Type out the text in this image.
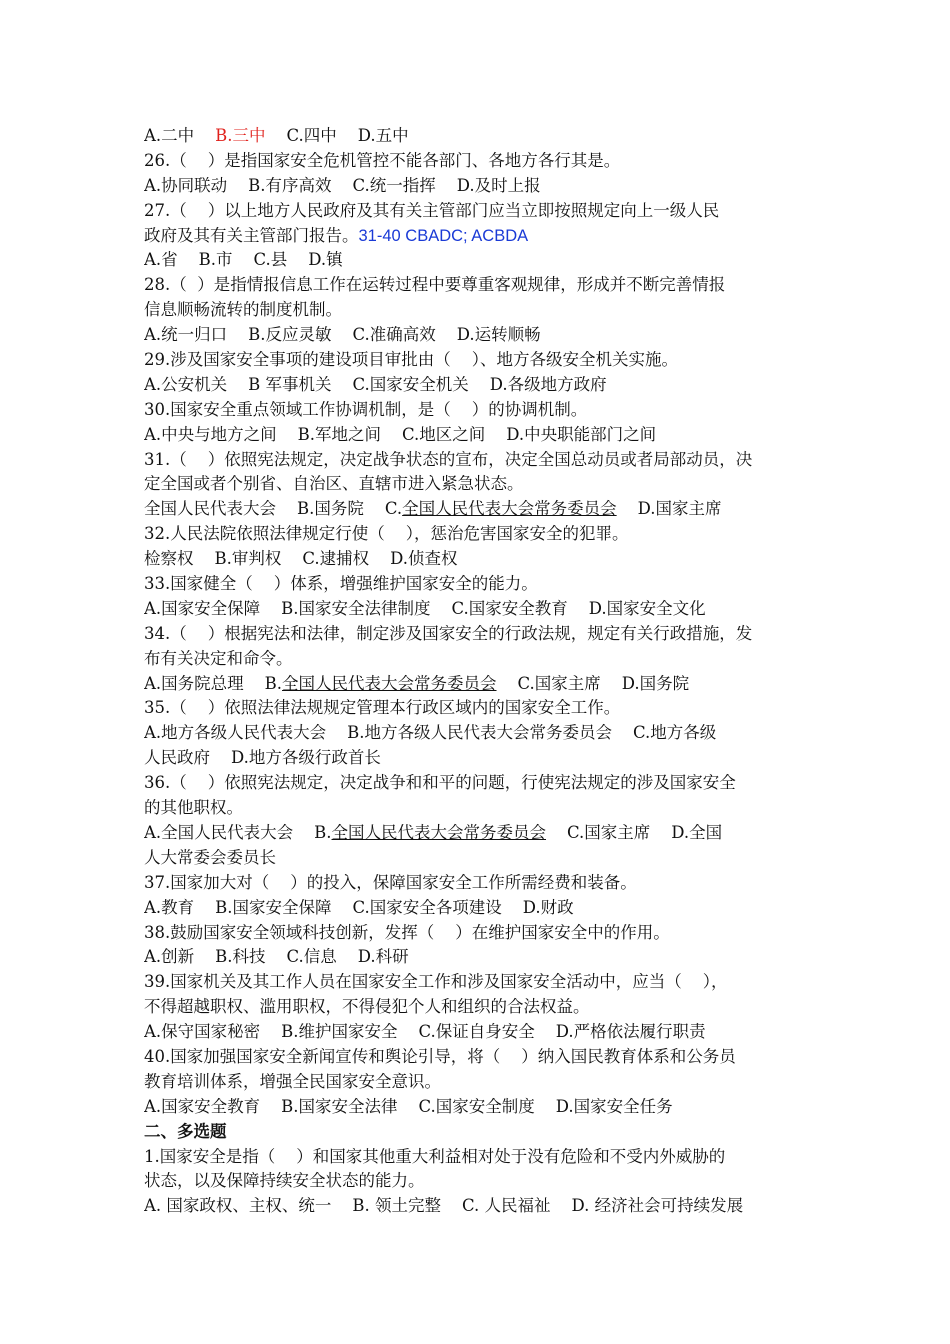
A.二中    B.三中    C.四中    D.五中
26.（    ）是指国家安全危机管控不能各部门、各地方各行其是。
A.协同联动    B.有序高效    C.统一指挥    D.及时上报
27.（    ）以上地方人民政府及其有关主管部门应当立即按照规定向上一级人民
政府及其有关主管部门报告。31-40 CBADC; ACBDA
A.省    B.市    C.县    D.镇
28.（  ）是指情报信息工作在运转过程中要尊重客观规律，形成并不断完善情报
信息顺畅流转的制度机制。
A.统一归口    B.反应灵敏    C.准确高效    D.运转顺畅
29.涉及国家安全事项的建设项目审批由（    ）、地方各级安全机关实施。
A.公安机关    B 军事机关    C.国家安全机关    D.各级地方政府
30.国家安全重点领域工作协调机制，是（    ）的协调机制。
A.中央与地方之间    B.军地之间    C.地区之间    D.中央职能部门之间
31.（    ）依照宪法规定，决定战争状态的宣布，决定全国总动员或者局部动员，决
定全国或者个别省、自治区、直辖市进入紧急状态。
全国人民代表大会    B.国务院    C.全国人民代表大会常务委员会    D.国家主席
32.人民法院依照法律规定行使（    ），惩治危害国家安全的犯罪。
检察权    B.审判权    C.逮捕权    D.侦查权
33.国家健全（    ）体系，增强维护国家安全的能力。
A.国家安全保障    B.国家安全法律制度    C.国家安全教育    D.国家安全文化
34.（    ）根据宪法和法律，制定涉及国家安全的行政法规，规定有关行政措施，发
布有关决定和命令。
A.国务院总理    B.全国人民代表大会常务委员会    C.国家主席    D.国务院
35.（    ）依照法律法规规定管理本行政区域内的国家安全工作。
A.地方各级人民代表大会    B.地方各级人民代表大会常务委员会    C.地方各级
人民政府    D.地方各级行政首长
36.（    ）依照宪法规定，决定战争和和平的问题，行使宪法规定的涉及国家安全
的其他职权。
A.全国人民代表大会    B.全国人民代表大会常务委员会    C.国家主席    D.全国
人大常委会委员长
37.国家加大对（    ）的投入，保障国家安全工作所需经费和装备。
A.教育    B.国家安全保障    C.国家安全各项建设    D.财政
38.鼓励国家安全领域科技创新，发挥（    ）在维护国家安全中的作用。
A.创新    B.科技    C.信息    D.科研
39.国家机关及其工作人员在国家安全工作和涉及国家安全活动中，应当（    ），
不得超越职权、滥用职权，不得侵犯个人和组织的合法权益。
A.保守国家秘密    B.维护国家安全    C.保证自身安全    D.严格依法履行职责
40.国家加强国家安全新闻宣传和舆论引导，将（    ）纳入国民教育体系和公务员
教育培训体系，增强全民国家安全意识。
A.国家安全教育    B.国家安全法律    C.国家安全制度    D.国家安全任务
二、多选题
1.国家安全是指（    ）和国家其他重大利益相对处于没有危险和不受内外威胁的
状态，以及保障持续安全状态的能力。
A. 国家政权、主权、统一    B. 领土完整    C. 人民福祉    D. 经济社会可持续发展
